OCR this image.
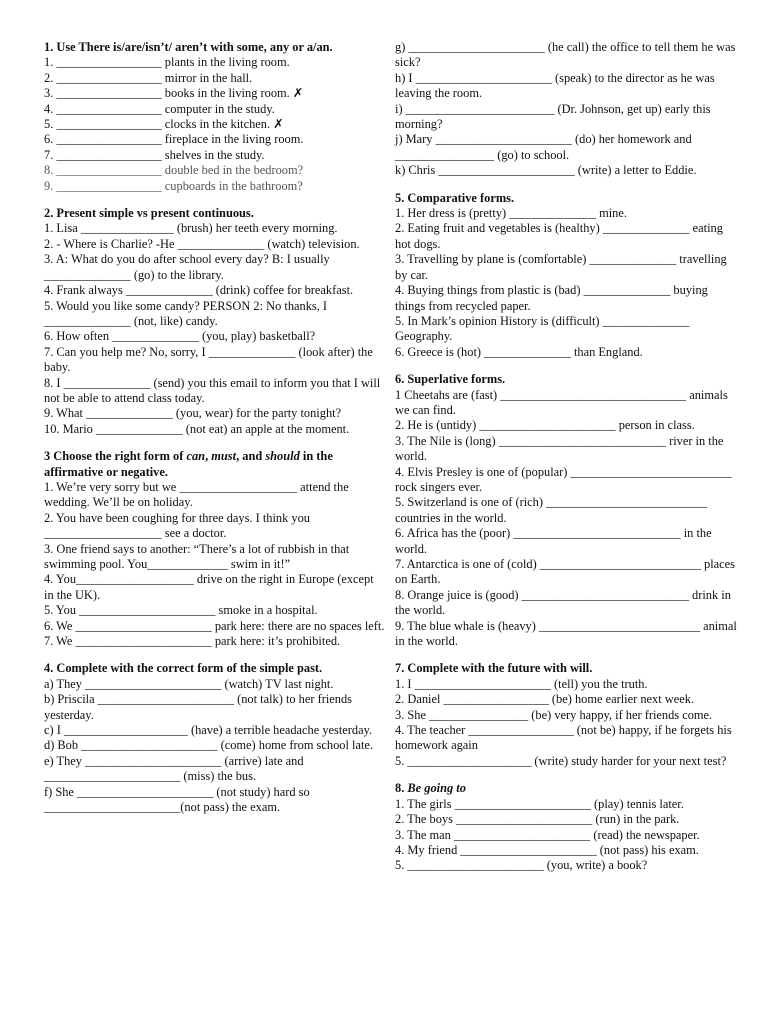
1. Use There is/are/isn’t/ aren’t with some, any or a/an.

1. _________________ plants in the living room.

2. _________________ mirror in the hall.

3. _________________ books in the living room. ✗

4. _________________ computer in the study.

5. _________________ clocks in the kitchen. ✗

6. _________________ fireplace in the living room.

7. _________________ shelves in the study.

8. _________________ double bed in the bedroom?

9. _________________ cupboards in the bathroom?

2. Present simple vs present continuous.

1. Lisa _______________ (brush) her teeth every morning.

2. - Where is Charlie? -He ______________ (watch) television.

3. A: What do you do after school every day? B: I usually ______________ (go) to the library.

4. Frank always ______________ (drink) coffee for breakfast.

5. Would you like some candy? PERSON 2: No thanks, I ______________ (not, like) candy.

6. How often ______________ (you, play) basketball?

7. Can you help me? No, sorry, I ______________ (look after) the baby.

8. I ______________ (send) you this email to inform you that I will not be able to attend class today.

9. What ______________ (you, wear) for the party tonight?

10. Mario ______________ (not eat) an apple at the moment.

3 Choose the right form of can, must, and should in the affirmative or negative.

1. We’re very sorry but we ___________________ attend the wedding. We’ll be on holiday.

2. You have been coughing for three days. I think you ___________________ see a doctor.

3. One friend says to another: “There’s a lot of rubbish in that swimming pool. You_____________ swim in it!”

4. You___________________ drive on the right in Europe (except in the UK).

5. You ______________________ smoke in a hospital.

6. We ______________________ park here: there are no spaces left.

7. We ______________________ park here: it’s prohibited.

4. Complete with the correct form of the simple past.

a) They ______________________ (watch) TV last night.

b) Priscila ______________________ (not talk) to her friends yesterday.

c) I ____________________ (have) a terrible headache yesterday.

d) Bob ______________________ (come) home from school late.

e) They ______________________ (arrive) late and ______________________ (miss) the bus.

f) She ______________________ (not study) hard so ______________________(not pass) the exam.

g) ______________________ (he call) the office to tell them he was sick?

h) I ______________________ (speak) to the director as he was leaving the room.

i) ________________________ (Dr. Johnson, get up) early this morning?

j) Mary ______________________ (do) her homework and ________________ (go) to school.

k) Chris ______________________ (write) a letter to Eddie.

5. Comparative forms.

1. Her dress is (pretty) ______________ mine.

2. Eating fruit and vegetables is (healthy) ______________ eating hot dogs.

3. Travelling by plane is (comfortable) ______________ travelling by car.

4. Buying things from plastic is (bad) ______________ buying things from recycled paper.

5. In Mark’s opinion History is (difficult) ______________ Geography.

6. Greece is (hot) ______________ than England.

6. Superlative forms.

1 Cheetahs are (fast) ______________________________ animals we can find.

2. He is (untidy) ______________________ person in class.

3. The Nile is (long) ___________________________ river in the world.

4. Elvis Presley is one of (popular) __________________________ rock singers ever.

5. Switzerland is one of (rich) __________________________ countries in the world.

6. Africa has the (poor) ___________________________ in the world.

7. Antarctica is one of (cold) __________________________ places on Earth.

8. Orange juice is (good) ___________________________ drink in the world.

9. The blue whale is (heavy) __________________________ animal in the world.

7. Complete with the future with will.

1. I ______________________ (tell) you the truth.

2. Daniel _________________ (be) home earlier next week.

3. She ________________ (be) very happy, if her friends come.

4. The teacher _________________ (not be) happy, if he forgets his homework again

5. ____________________ (write) study harder for your next test?

8. Be going to

1. The girls ______________________ (play) tennis later.

2. The boys ______________________ (run) in the park.

3. The man ______________________ (read) the newspaper.

4. My friend ______________________ (not pass) his exam.

5. ______________________ (you, write) a book?
